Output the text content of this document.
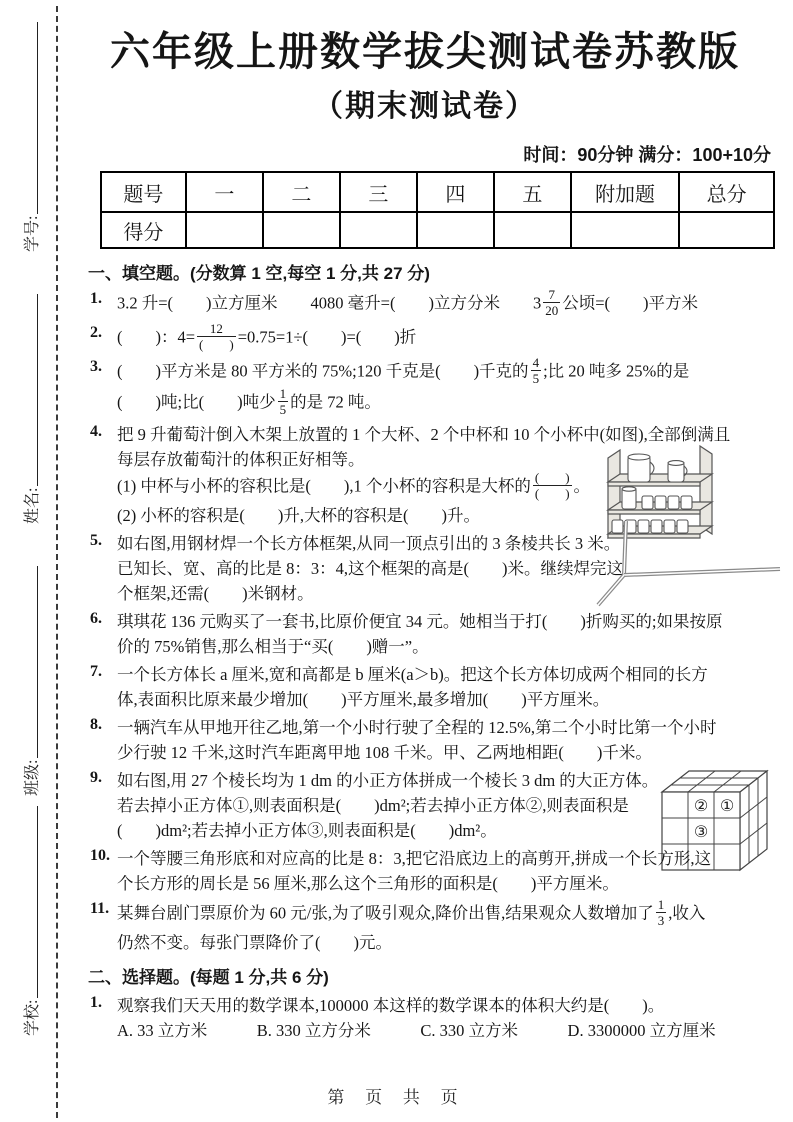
学号:
姓名:
班级:
学校:
六年级上册数学拔尖测试卷苏教版
（期末测试卷）
时间：90分钟 满分：100+10分
题号	一	二	三	四	五	附加题	总分
得分							
一、填空题。(分数算 1 空,每空 1 分,共 27 分)
1. 3.2 升=(　　)立方厘米　　4080 毫升=(　　)立方分米　　$3 \frac{7}{20}$ 公顷=(　　)平方米
2. (　　)：$4= \frac{12}{( )} =0.75=1\div$(　　)=(　　)折
3. (　　)平方米是 80 平方米的 75%;120 千克是(　　)千克的 $\frac{4}{5}$ ;比 20 吨多 25%的是
(　　)吨;比(　　)吨少 $\frac{1}{5}$ 的是 72 吨。
4. 把 9 升葡萄汁倒入木架上放置的 1 个大杯、2 个中杯和 10 个小杯中(如图),全部倒满且
每层存放葡萄汁的体积正好相等。
(1) 中杯与小杯的容积比是(　　),1 个小杯的容积是大杯的 $\frac{( )}{( )}$ 。
(2) 小杯的容积是(　　)升,大杯的容积是(　　)升。
5. 如右图,用钢材焊一个长方体框架,从同一顶点引出的 3 条棱共长 3 米。
已知长、宽、高的比是 8：3：4,这个框架的高是(　　)米。继续焊完这
个框架,还需(　　)米钢材。
6. 琪琪花 136 元购买了一套书,比原价便宜 34 元。她相当于打(　　)折购买的;如果按原
价的 75%销售,那么相当于“买(　　)赠一”。
7. 一个长方体长 a 厘米,宽和高都是 b 厘米(a＞b)。把这个长方体切成两个相同的长方
体,表面积比原来最少增加(　　)平方厘米,最多增加(　　)平方厘米。
8. 一辆汽车从甲地开往乙地,第一个小时行驶了全程的 12.5%,第二个小时比第一个小时
少行驶 12 千米,这时汽车距离甲地 108 千米。甲、乙两地相距(　　)千米。
9. 如右图,用 27 个棱长均为 1 dm 的小正方体拼成一个棱长 3 dm 的大正方体。
若去掉小正方体①,则表面积是(　　)dm²;若去掉小正方体②,则表面积是
(　　)dm²;若去掉小正方体③,则表面积是(　　)dm²。
② ①
③
10. 一个等腰三角形底和对应高的比是 8：3,把它沿底边上的高剪开,拼成一个长方形,这
个长方形的周长是 56 厘米,那么这个三角形的面积是(　　)平方厘米。
11. 某舞台剧门票原价为 60 元/张,为了吸引观众,降价出售,结果观众人数增加了 $\frac{1}{3}$ ,收入
仍然不变。每张门票降价了(　　)元。
二、选择题。(每题 1 分,共 6 分)
1. 观察我们天天用的数学课本,100000 本这样的数学课本的体积大约是(　　)。
A. 33 立方米　　　B. 330 立方分米　　　C. 330 立方米　　　D. 3300000 立方厘米
第 页 共 页
